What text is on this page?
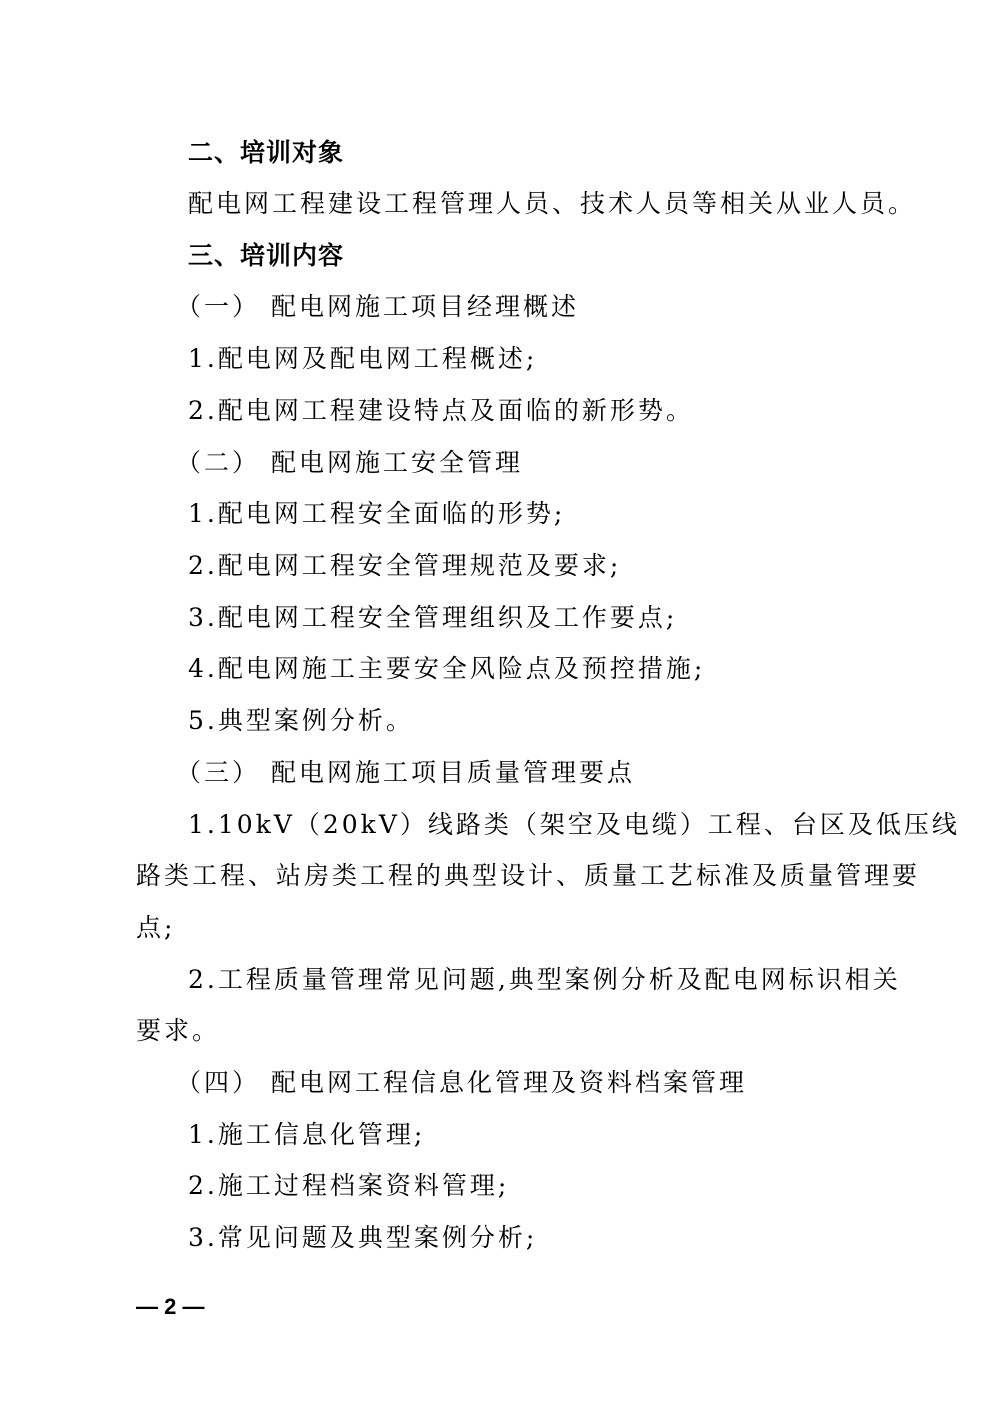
二、培训对象
配电网工程建设工程管理人员、技术人员等相关从业人员。
三、培训内容
（一） 配电网施工项目经理概述
1.配电网及配电网工程概述;
2.配电网工程建设特点及面临的新形势。
（二） 配电网施工安全管理
1.配电网工程安全面临的形势;
2.配电网工程安全管理规范及要求;
3.配电网工程安全管理组织及工作要点;
4.配电网施工主要安全风险点及预控措施;
5.典型案例分析。
（三） 配电网施工项目质量管理要点
1.10kV（20kV）线路类（架空及电缆）工程、台区及低压线
路类工程、站房类工程的典型设计、质量工艺标准及质量管理要
点;
2.工程质量管理常见问题,典型案例分析及配电网标识相关
要求。
（四） 配电网工程信息化管理及资料档案管理
1.施工信息化管理;
2.施工过程档案资料管理;
3.常见问题及典型案例分析;
— 2 —
